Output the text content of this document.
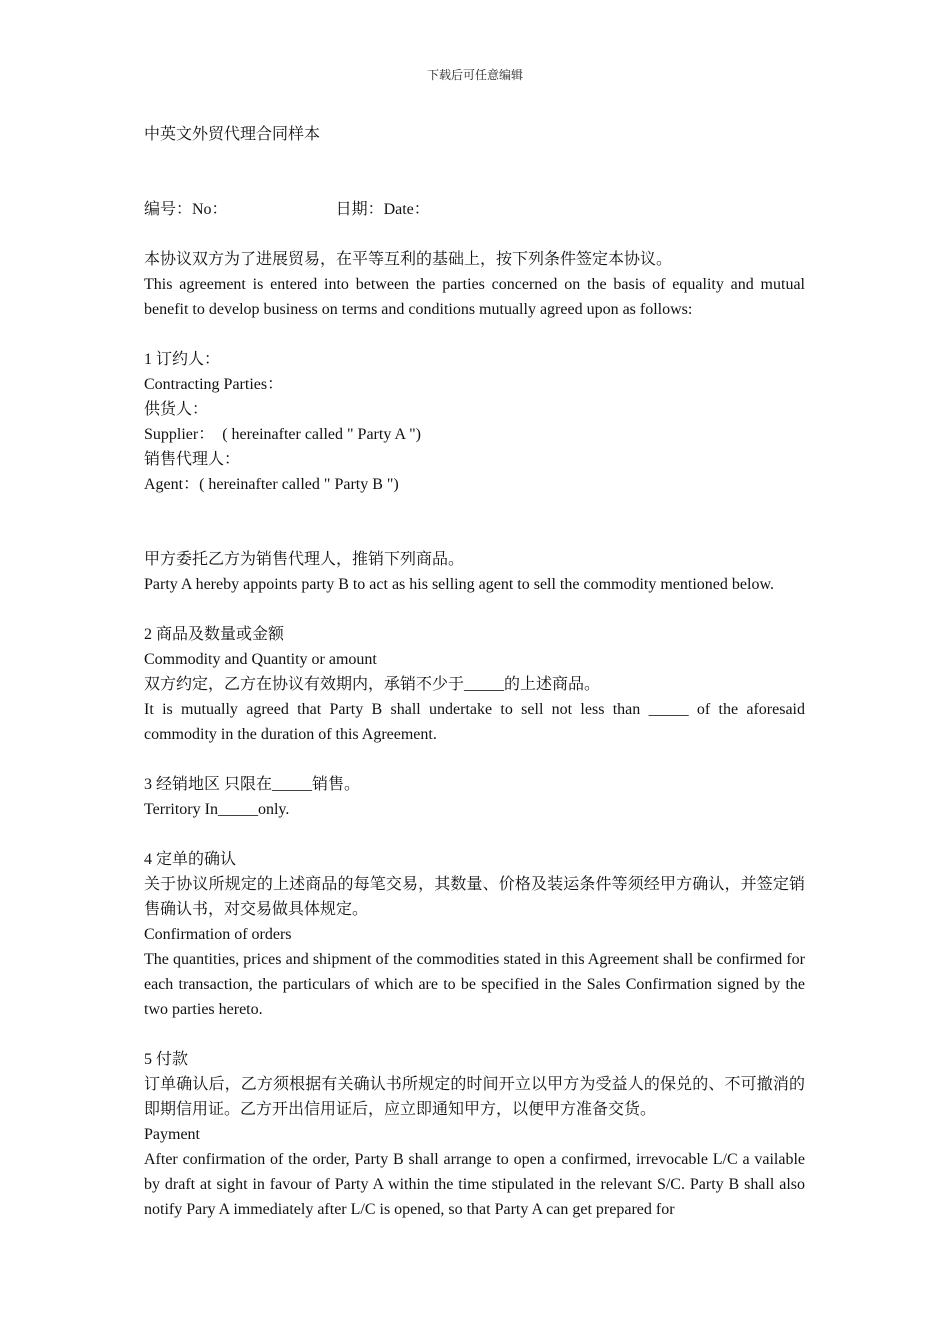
下载后可任意编辑

中英文外贸代理合同样本

编号：No：	日期：Date：

本协议双方为了进展贸易，在平等互利的基础上，按下列条件签定本协议。

This agreement is entered into between the parties concerned on the basis of equality and mutual benefit to develop business on terms and conditions mutually agreed upon as follows:

1 订约人：

Contracting Parties：

供货人：

Supplier：  ( hereinafter called " Party A ")

销售代理人：

Agent：( hereinafter called " Party B ")

甲方委托乙方为销售代理人，推销下列商品。

Party A hereby appoints party B to act as his selling agent to sell the commodity mentioned below.

2 商品及数量或金额

Commodity and Quantity or amount

双方约定，乙方在协议有效期内，承销不少于_____的上述商品。

It is mutually agreed that Party B shall undertake to sell not less than _____ of the aforesaid commodity in the duration of this Agreement.

3 经销地区 只限在_____销售。

Territory In_____only.

4 定单的确认

关于协议所规定的上述商品的每笔交易，其数量、价格及装运条件等须经甲方确认，并签定销售确认书，对交易做具体规定。

Confirmation of orders

The quantities, prices and shipment of the commodities stated in this Agreement shall be confirmed for each transaction, the particulars of which are to be specified in the Sales Confirmation signed by the two parties hereto.

5 付款

订单确认后，乙方须根据有关确认书所规定的时间开立以甲方为受益人的保兑的、不可撤消的即期信用证。乙方开出信用证后，应立即通知甲方，以便甲方准备交货。

Payment

After confirmation of the order, Party B shall arrange to open a confirmed, irrevocable L/C a vailable by draft at sight in favour of Party A within the time stipulated in the relevant S/C. Party B shall also notify Pary A immediately after L/C is opened, so that Party A can get prepared for
